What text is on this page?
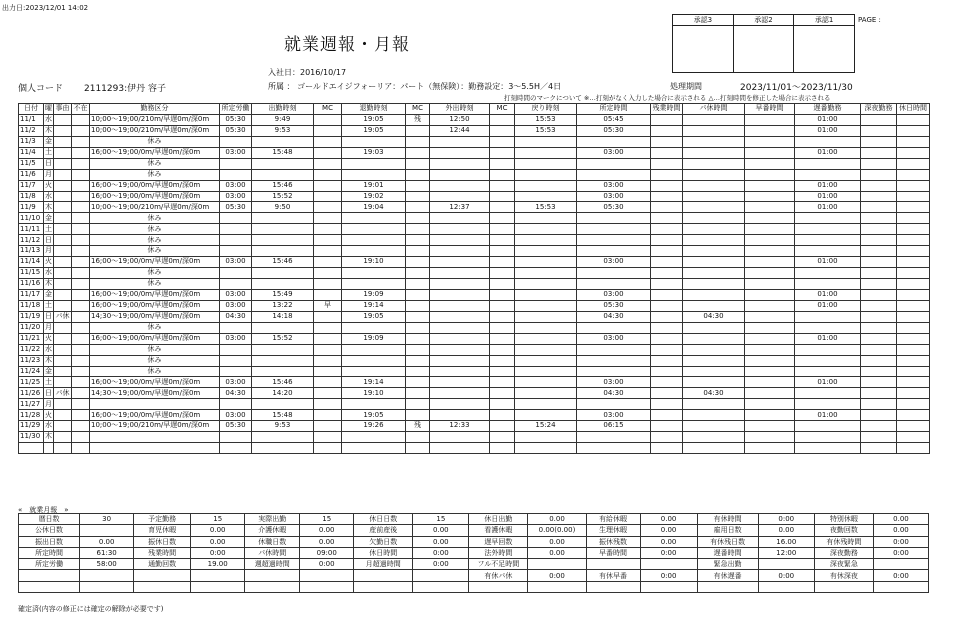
出力日:2023/12/01 14:02
就業週報・月報
承認3	承認2	承認1
			PAGE :
入社日：2016/10/17
個人コード 2111293:伊丹 容子	所属 ： ゴールドエイジフォーリア：パート（無保険）：勤務設定：3～5.5H／4日	処理期間	2023/11/01～2023/11/30
打刻時間のマークについて ※…打刻がなく入力した場合に表示される △…打刻時間を修正した場合に表示される
日付	曜	事由	不在	勤務区分	所定労働	出勤時刻	MC	退勤時刻	MC	外出時刻	MC	戻り時刻	所定時間	残業時間	パ休時間	早番時間	遅番勤務	深夜勤務	休日時間
11/1	水			10;00～19;00/210m/早遅0m/深0m	05:30	9:49		19:05	残	12:50		15:53	05:45				01:00		
11/2	木			10;00～19;00/210m/早遅0m/深0m	05:30	9:53		19:05		12:44		15:53	05:30				01:00		
11/3	金			休み															
11/4	土			16;00～19;00/0m/早遅0m/深0m	03:00	15:48		19:03					03:00				01:00		
11/5	日			休み															
11/6	月			休み															
11/7	火			16;00～19;00/0m/早遅0m/深0m	03:00	15:46		19:01					03:00				01:00		
11/8	水			16;00～19;00/0m/早遅0m/深0m	03:00	15:52		19:02					03:00				01:00		
11/9	木			10;00～19;00/210m/早遅0m/深0m	05:30	9:50		19:04		12:37		15:53	05:30				01:00		
11/10	金			休み															
11/11	土			休み															
11/12	日			休み															
11/13	月			休み															
11/14	火			16;00～19;00/0m/早遅0m/深0m	03:00	15:46		19:10					03:00				01:00		
11/15	水			休み															
11/16	木			休み															
11/17	金			16;00～19;00/0m/早遅0m/深0m	03:00	15:49		19:09					03:00				01:00		
11/18	土			16;00～19;00/0m/早遅0m/深0m	03:00	13:22	早	19:14					05:30				01:00		
11/19	日	パ休		14;30～19;00/0m/早遅0m/深0m	04:30	14:18		19:05					04:30		04:30				
11/20	月			休み															
11/21	火			16;00～19;00/0m/早遅0m/深0m	03:00	15:52		19:09					03:00				01:00		
11/22	水			休み															
11/23	木			休み															
11/24	金			休み															
11/25	土			16;00～19;00/0m/早遅0m/深0m	03:00	15:46		19:14					03:00				01:00		
11/26	日	パ休		14;30～19;00/0m/早遅0m/深0m	04:30	14:20		19:10					04:30		04:30				
11/27	月																		
11/28	火			16;00～19;00/0m/早遅0m/深0m	03:00	15:48		19:05					03:00				01:00		
11/29	水			10;00～19;00/210m/早遅0m/深0m	05:30	9:53		19:26	残	12:33		15:24	06:15						
11/30	木																		

«　就業月報　»
暦日数	30	予定勤務	15	実際出勤	15	休日日数	15	休日出勤	0.00	有給休暇	0.00	有休時間	0:00	特別休暇	0.00
公休日数		育児休暇	0.00	介護休暇	0.00	産前産後	0.00	看護休暇	0.00(0.00)	生理休暇	0.00	雇用日数	0.00	夜勤回数	0.00
振出日数	0.00	振休日数	0.00	休職日数	0.00	欠勤日数	0.00	遅早回数	0.00	振休残数	0.00	有休残日数	16.00	有休残時間	0:00
所定時間	61:30	残業時間	0:00	パ休時間	09:00	休日時間	0:00	法外時間	0.00	早番時間	0:00	遅番時間	12:00	深夜勤務	0:00
所定労働	58:00	通勤回数	19.00	週超過時間	0:00	月超過時間	0:00	フル不足時間				緊急出勤		深夜緊急	
								有休パ休	0:00	有休早番	0:00	有休遅番	0:00	有休深夜	0:00

確定済(内容の修正には確定の解除が必要です)
